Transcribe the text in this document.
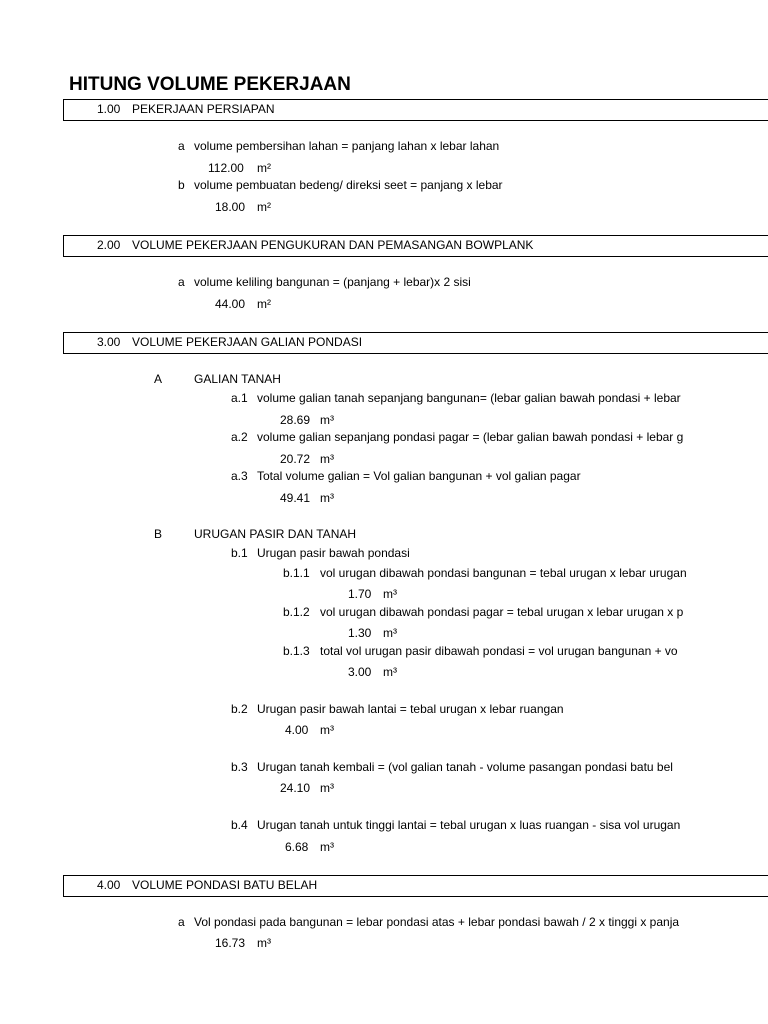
HITUNG VOLUME PEKERJAAN
1.00 PEKERJAAN PERSIAPAN
a volume pembersihan lahan = panjang lahan x lebar lahan
112.00 m²
b volume pembuatan bedeng/ direksi seet = panjang x lebar
18.00 m²
2.00 VOLUME PEKERJAAN PENGUKURAN DAN PEMASANGAN BOWPLANK
a volume keliling bangunan = (panjang + lebar)x 2 sisi
44.00 m²
3.00 VOLUME PEKERJAAN GALIAN PONDASI
A	GALIAN TANAH
a.1 volume galian tanah sepanjang bangunan= (lebar galian bawah pondasi + lebar
28.69 m³
a.2 volume galian sepanjang pondasi pagar = (lebar galian bawah pondasi + lebar g
20.72 m³
a.3 Total volume galian = Vol galian bangunan + vol galian pagar
49.41 m³
B	URUGAN PASIR DAN TANAH
b.1 Urugan pasir bawah pondasi
b.1.1 vol urugan dibawah pondasi bangunan = tebal urugan x lebar urugan
1.70 m³
b.1.2 vol urugan dibawah pondasi pagar = tebal urugan x lebar urugan x p
1.30 m³
b.1.3 total vol urugan pasir dibawah pondasi = vol urugan bangunan + vo
3.00 m³
b.2 Urugan pasir bawah lantai = tebal urugan x lebar ruangan
4.00 m³
b.3 Urugan tanah kembali = (vol galian tanah - volume pasangan pondasi batu bel
24.10 m³
b.4 Urugan tanah untuk tinggi lantai = tebal urugan x luas ruangan - sisa vol urugan
6.68 m³
4.00 VOLUME PONDASI BATU BELAH
a Vol pondasi pada bangunan = lebar pondasi atas + lebar pondasi bawah / 2 x tinggi x panja
16.73 m³
